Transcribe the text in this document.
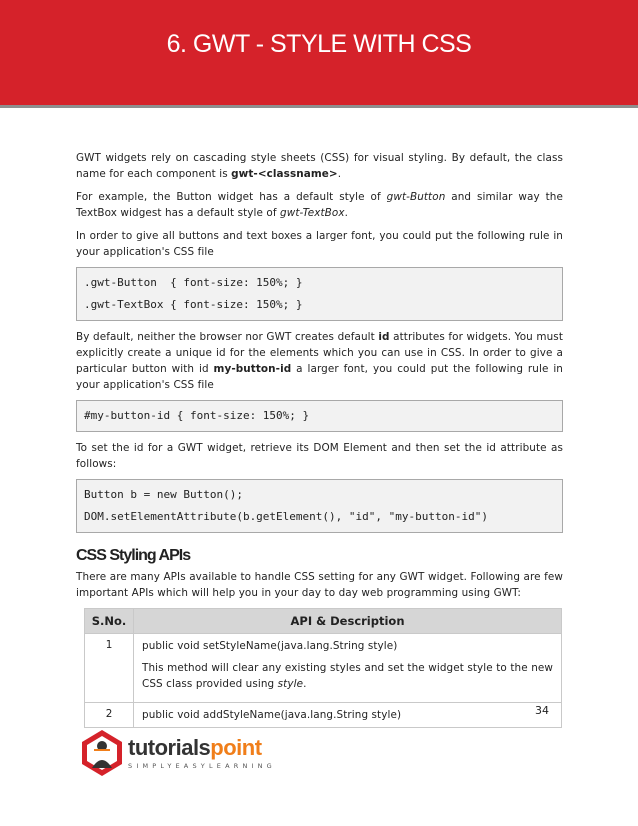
6. GWT - STYLE WITH CSS

GWT widgets rely on cascading style sheets (CSS) for visual styling. By default, the class name for each component is gwt-<classname>.

For example, the Button widget has a default style of gwt-Button and similar way the TextBox widgest has a default style of gwt-TextBox.

In order to give all buttons and text boxes a larger font, you could put the following rule in your application's CSS file

.gwt-Button  { font-size: 150%; }
.gwt-TextBox { font-size: 150%; }

By default, neither the browser nor GWT creates default id attributes for widgets. You must explicitly create a unique id for the elements which you can use in CSS. In order to give a particular button with id my-button-id a larger font, you could put the following rule in your application's CSS file

#my-button-id { font-size: 150%; }

To set the id for a GWT widget, retrieve its DOM Element and then set the id attribute as follows:

Button b = new Button();
DOM.setElementAttribute(b.getElement(), "id", "my-button-id")
CSS Styling APIs

There are many APIs available to handle CSS setting for any GWT widget. Following are few important APIs which will help you in your day to day web programming using GWT:

S.No.	API & Description
1	public void setStyleName(java.lang.String style)

This method will clear any existing styles and set the widget style to the new CSS class provided using style.

2	public void addStyleName(java.lang.String style)	34
tutorialspoint
SIMPLYEASYLEARNING
